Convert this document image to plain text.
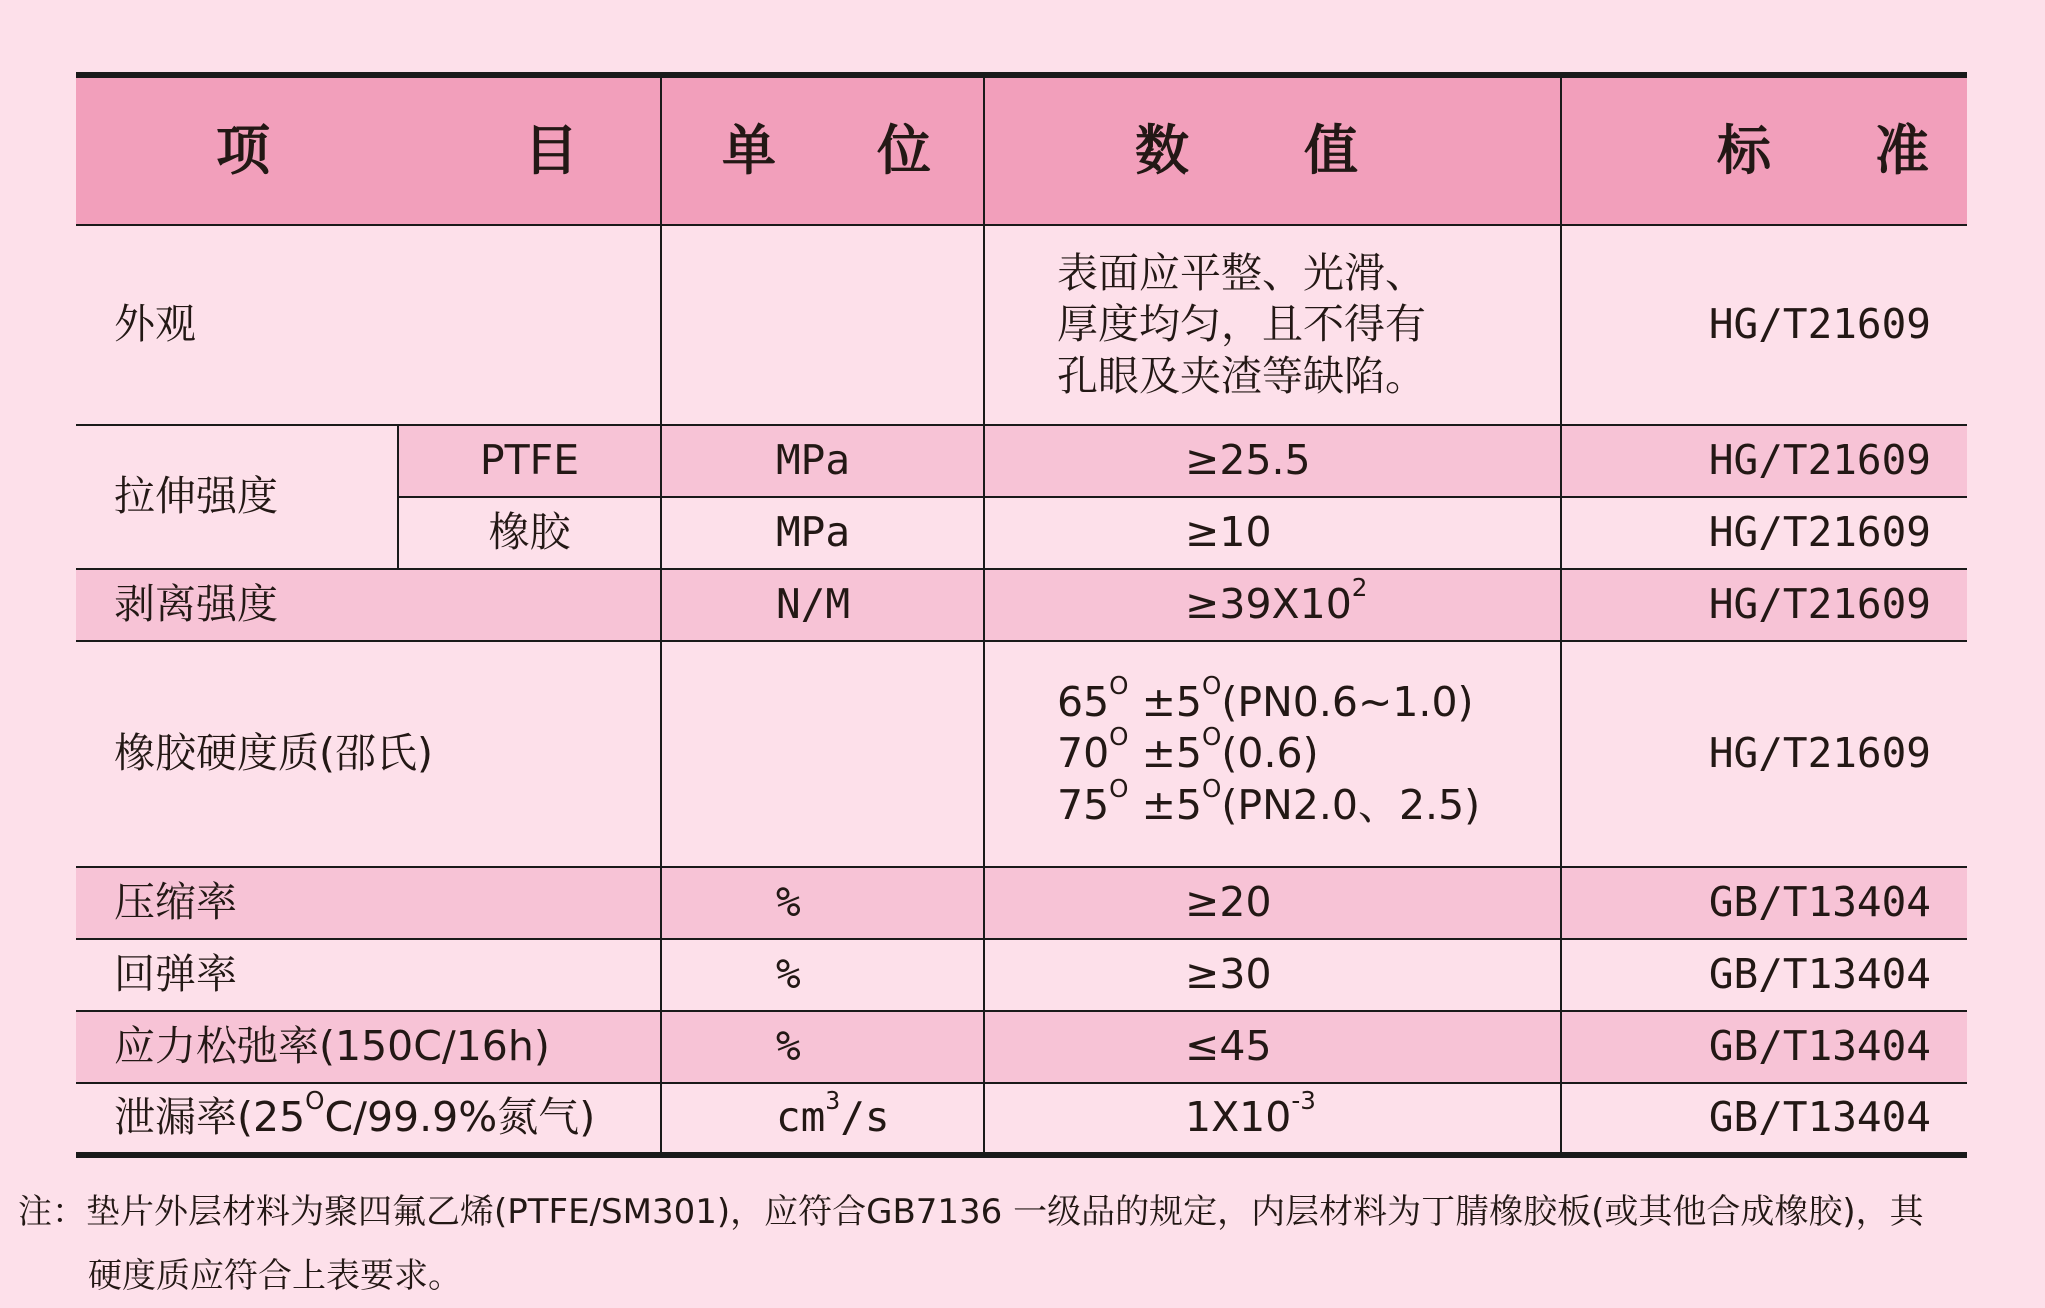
项 目		单 位	数 值	标 准

外观			表面应平整、光滑、
厚度均匀，且不得有
孔眼及夹渣等缺陷。	HG/T21609
拉伸强度	PTFE	MPa	≥25.5	HG/T21609
	橡胶	MPa	≥10	HG/T21609
剥离强度		N/M	$\ge 39X10^2$	HG/T21609
橡胶硬度质(邵氏)			$65^O$ $\pm 5^O(PN0.6\sim 1.0)$
$70^O \pm 5^O(0.6)$
$75^O \pm 5^O(PN2.0$、2.5)	HG/T21609
压缩率		%	≥20	GB/T13404
回弹率		%	≥30	GB/T13404
应力松弛率(150C/16h)		%	≤45	GB/T13404
泄漏率($25^OC/99.9\%$氮气)		$cm^3/s$	$1X10^{-3}$	GB/T13404
注：垫片外层材料为聚四氟乙烯(PTFE/SM301)，应符合GB7136 一级品的规定，内层材料为丁腈橡胶板(或其他合成橡胶)，其
硬度质应符合上表要求。
